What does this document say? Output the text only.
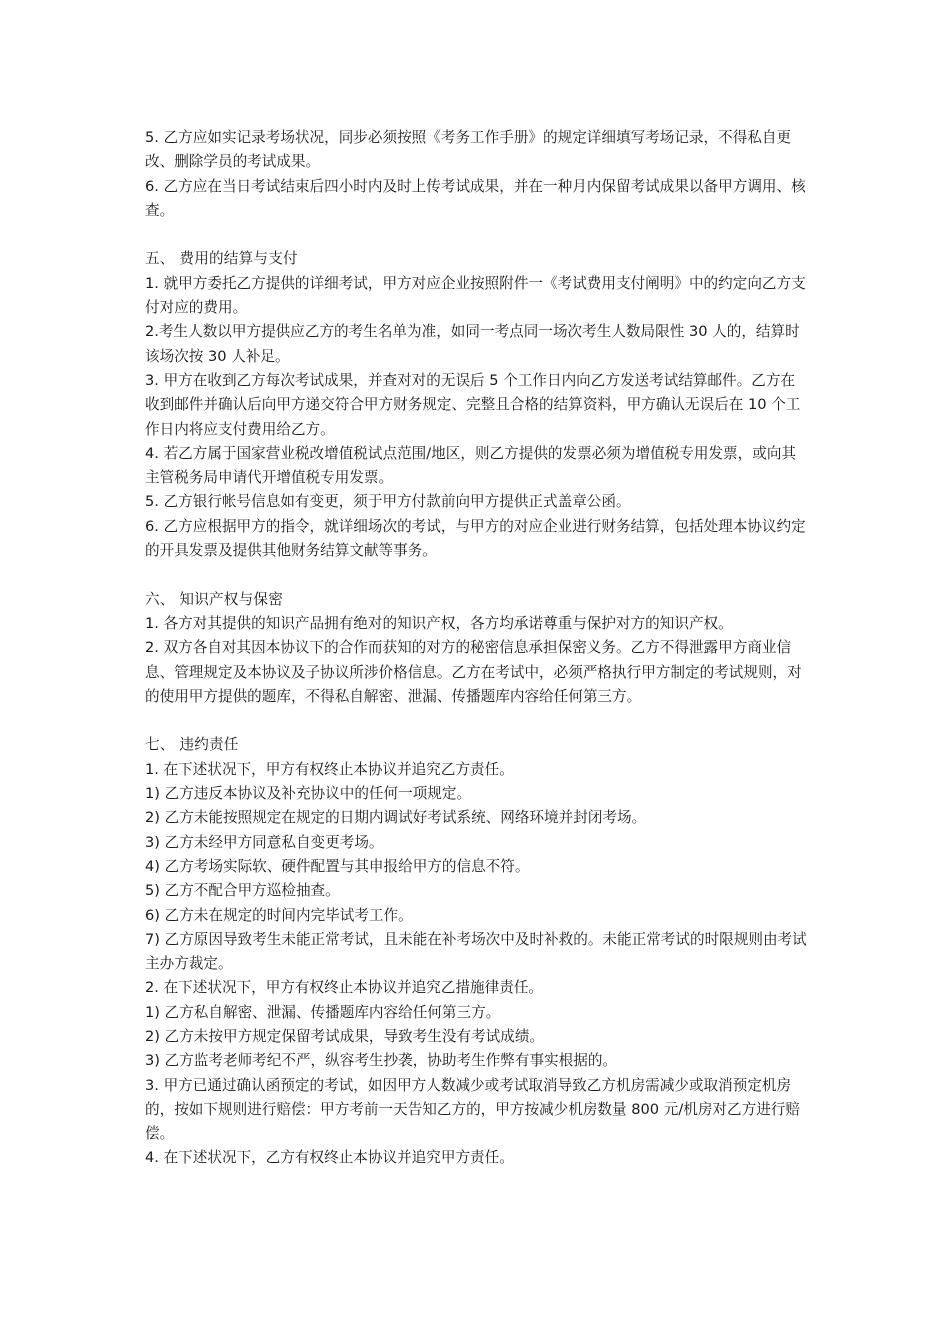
5. 乙方应如实记录考场状况，同步必须按照《考务工作手册》的规定详细填写考场记录，不得私自更改、删除学员的考试成果。

6. 乙方应在当日考试结束后四小时内及时上传考试成果，并在一种月内保留考试成果以备甲方调用、核查。

五、 费用的结算与支付

1. 就甲方委托乙方提供的详细考试，甲方对应企业按照附件一《考试费用支付阐明》中的约定向乙方支付对应的费用。

2.考生人数以甲方提供应乙方的考生名单为准，如同一考点同一场次考生人数局限性 30 人的，结算时该场次按 30 人补足。

3. 甲方在收到乙方每次考试成果，并查对对的无误后 5 个工作日内向乙方发送考试结算邮件。乙方在收到邮件并确认后向甲方递交符合甲方财务规定、完整且合格的结算资料，甲方确认无误后在 10 个工作日内将应支付费用给乙方。

4. 若乙方属于国家营业税改增值税试点范围/地区，则乙方提供的发票必须为增值税专用发票，或向其主管税务局申请代开增值税专用发票。

5. 乙方银行帐号信息如有变更，须于甲方付款前向甲方提供正式盖章公函。

6. 乙方应根据甲方的指令，就详细场次的考试，与甲方的对应企业进行财务结算，包括处理本协议约定的开具发票及提供其他财务结算文献等事务。

六、 知识产权与保密

1. 各方对其提供的知识产品拥有绝对的知识产权，各方均承诺尊重与保护对方的知识产权。

2. 双方各自对其因本协议下的合作而获知的对方的秘密信息承担保密义务。乙方不得泄露甲方商业信息、管理规定及本协议及子协议所涉价格信息。乙方在考试中，必须严格执行甲方制定的考试规则，对的使用甲方提供的题库，不得私自解密、泄漏、传播题库内容给任何第三方。

七、 违约责任

1. 在下述状况下，甲方有权终止本协议并追究乙方责任。

1) 乙方违反本协议及补充协议中的任何一项规定。

2) 乙方未能按照规定在规定的日期内调试好考试系统、网络环境并封闭考场。

3) 乙方未经甲方同意私自变更考场。

4) 乙方考场实际软、硬件配置与其申报给甲方的信息不符。

5) 乙方不配合甲方巡检抽查。

6) 乙方未在规定的时间内完毕试考工作。

7) 乙方原因导致考生未能正常考试，且未能在补考场次中及时补救的。未能正常考试的时限规则由考试主办方裁定。

2. 在下述状况下，甲方有权终止本协议并追究乙措施律责任。

1) 乙方私自解密、泄漏、传播题库内容给任何第三方。

2) 乙方未按甲方规定保留考试成果，导致考生没有考试成绩。

3) 乙方监考老师考纪不严，纵容考生抄袭，协助考生作弊有事实根据的。

3. 甲方已通过确认函预定的考试，如因甲方人数减少或考试取消导致乙方机房需减少或取消预定机房的，按如下规则进行赔偿：甲方考前一天告知乙方的，甲方按减少机房数量 800 元/机房对乙方进行赔偿。

4. 在下述状况下，乙方有权终止本协议并追究甲方责任。
